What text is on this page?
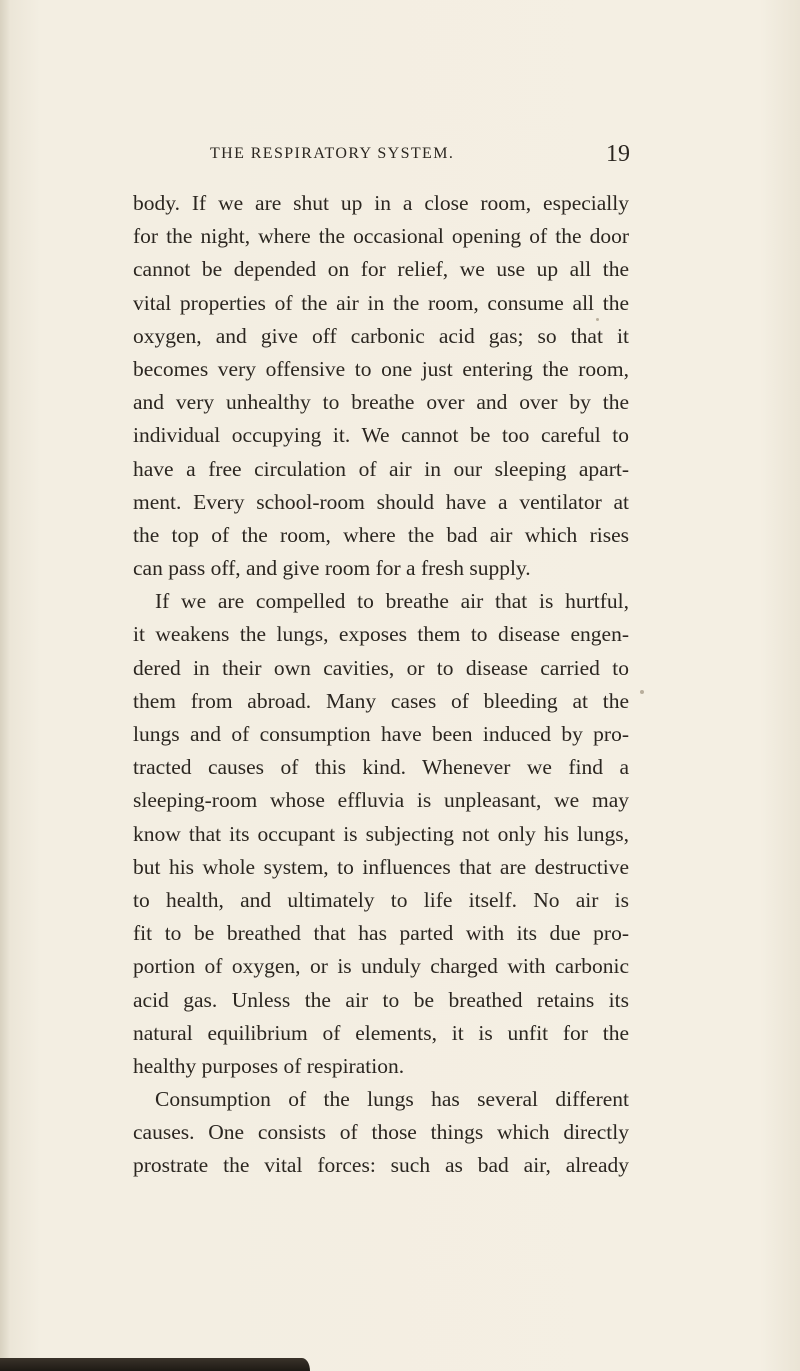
THE RESPIRATORY SYSTEM.	19
body. If we are shut up in a close room, especially
for the night, where the occasional opening of the door
cannot be depended on for relief, we use up all the
vital properties of the air in the room, consume all the
oxygen, and give off carbonic acid gas; so that it
becomes very offensive to one just entering the room,
and very unhealthy to breathe over and over by the
individual occupying it. We cannot be too careful to
have a free circulation of air in our sleeping apart-
ment. Every school-room should have a ventilator at
the top of the room, where the bad air which rises
can pass off, and give room for a fresh supply.
If we are compelled to breathe air that is hurtful,
it weakens the lungs, exposes them to disease engen-
dered in their own cavities, or to disease carried to
them from abroad. Many cases of bleeding at the
lungs and of consumption have been induced by pro-
tracted causes of this kind. Whenever we find a
sleeping-room whose effluvia is unpleasant, we may
know that its occupant is subjecting not only his lungs,
but his whole system, to influences that are destructive
to health, and ultimately to life itself. No air is
fit to be breathed that has parted with its due pro-
portion of oxygen, or is unduly charged with carbonic
acid gas. Unless the air to be breathed retains its
natural equilibrium of elements, it is unfit for the
healthy purposes of respiration.
Consumption of the lungs has several different
causes. One consists of those things which directly
prostrate the vital forces: such as bad air, already
